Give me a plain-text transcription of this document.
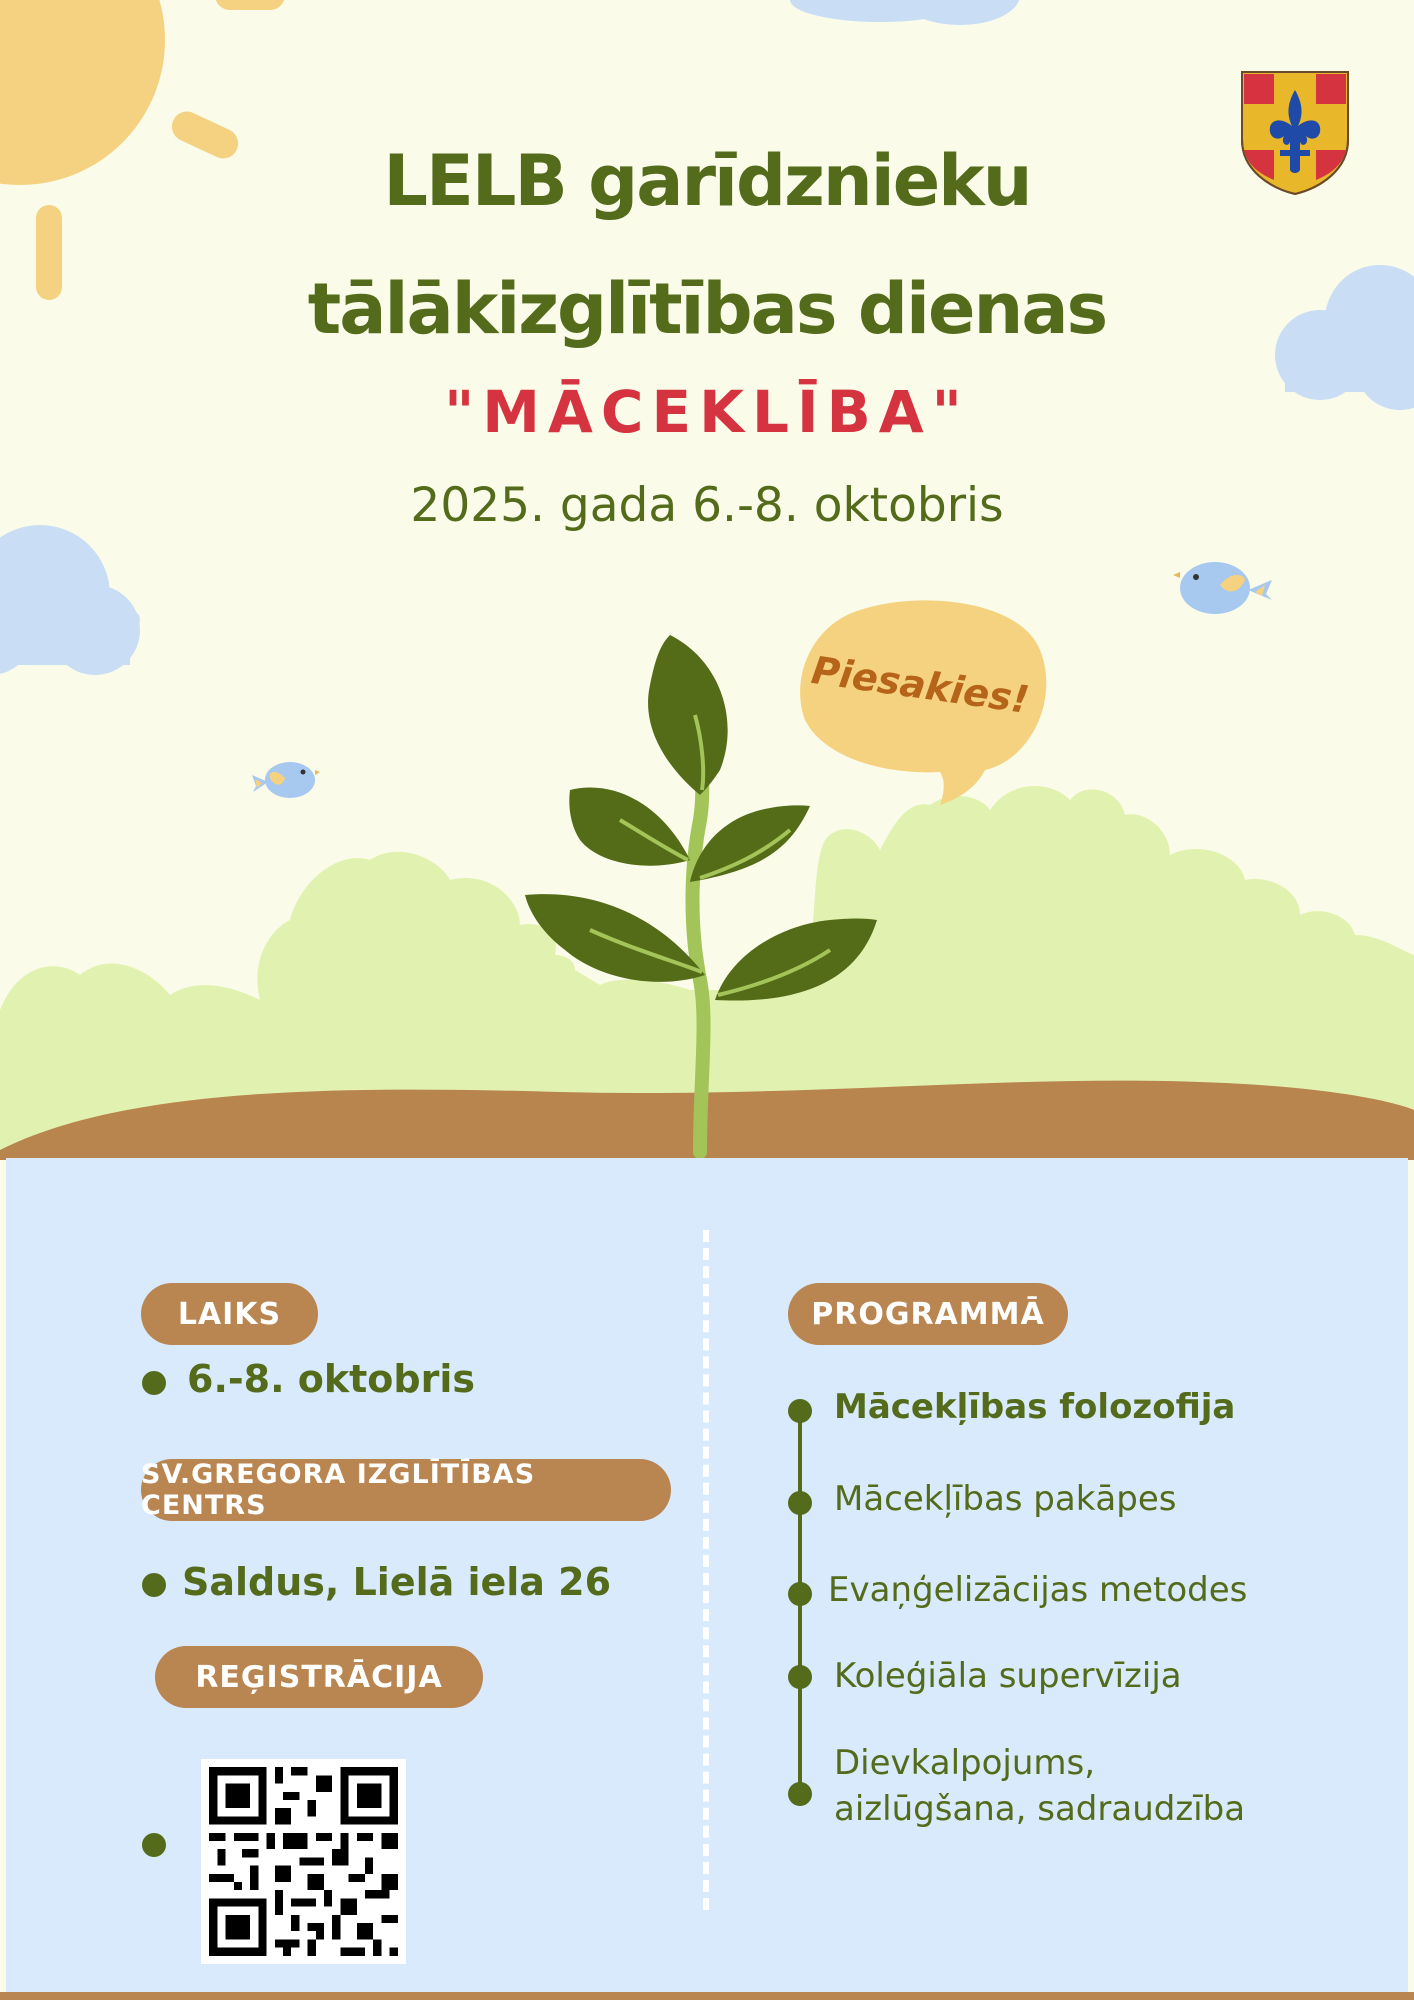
LELB garīdznieku
tālākizglītības dienas
"MĀCEKLĪBA"
2025. gada 6.-8. oktobris
Piesakies!
LAIKS
6.-8. oktobris
SV.GREGORA IZGLĪTĪBAS CENTRS
Saldus, Lielā iela 26
REĢISTRĀCIJA
PROGRAMMĀ
Mācekļības folozofija
Mācekļības pakāpes
Evaņģelizācijas metodes
Koleģiāla supervīzija
Dievkalpojums,
aizlūgšana, sadraudzība
